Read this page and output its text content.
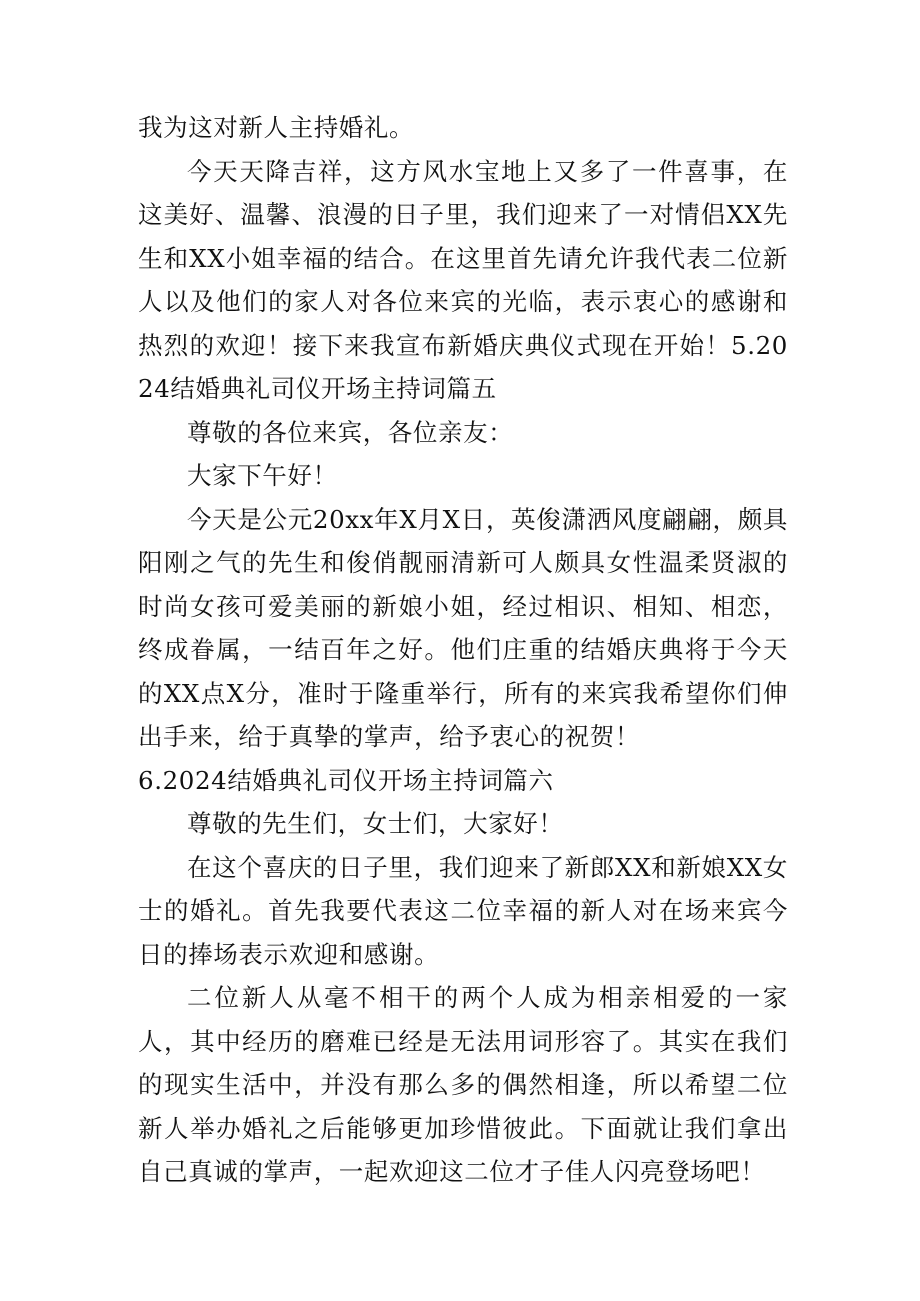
我为这对新人主持婚礼。

今天天降吉祥，这方风水宝地上又多了一件喜事，在这美好、温馨、浪漫的日子里，我们迎来了一对情侣XX先生和XX小姐幸福的结合。在这里首先请允许我代表二位新人以及他们的家人对各位来宾的光临，表示衷心的感谢和热烈的欢迎！接下来我宣布新婚庆典仪式现在开始！5.2024结婚典礼司仪开场主持词篇五

尊敬的各位来宾，各位亲友：

大家下午好！

今天是公元20xx年X月X日，英俊潇洒风度翩翩，颇具阳刚之气的先生和俊俏靓丽清新可人颇具女性温柔贤淑的时尚女孩可爱美丽的新娘小姐，经过相识、相知、相恋，终成眷属，一结百年之好。他们庄重的结婚庆典将于今天的XX点X分，准时于隆重举行，所有的来宾我希望你们伸出手来，给于真挚的掌声，给予衷心的祝贺！

6.2024结婚典礼司仪开场主持词篇六

尊敬的先生们，女士们，大家好！

在这个喜庆的日子里，我们迎来了新郎XX和新娘XX女士的婚礼。首先我要代表这二位幸福的新人对在场来宾今日的捧场表示欢迎和感谢。

二位新人从毫不相干的两个人成为相亲相爱的一家人，其中经历的磨难已经是无法用词形容了。其实在我们的现实生活中，并没有那么多的偶然相逢，所以希望二位新人举办婚礼之后能够更加珍惜彼此。下面就让我们拿出自己真诚的掌声，一起欢迎这二位才子佳人闪亮登场吧！
